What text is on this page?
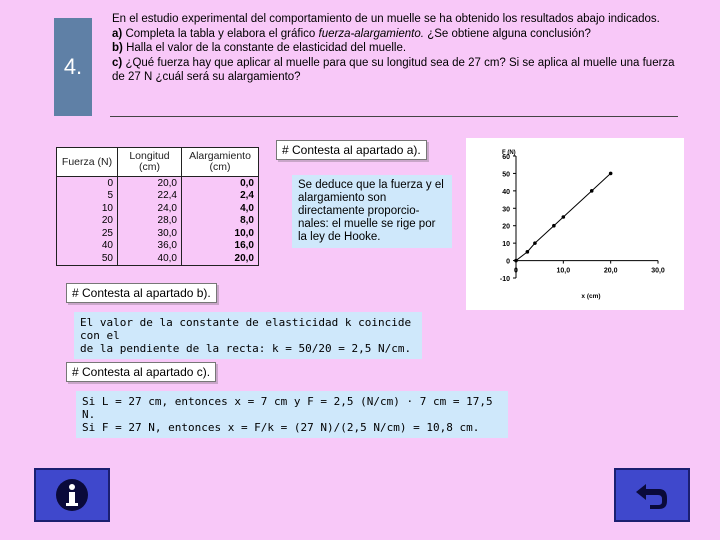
4.
En el estudio experimental del comportamiento de un muelle se ha obtenido los resultados abajo indicados.
a) Completa la tabla y elabora el gráfico fuerza-alargamiento. ¿Se obtiene alguna conclusión?
b) Halla el valor de la constante de elasticidad del muelle.
c) ¿Qué fuerza hay que aplicar al muelle para que su longitud sea de 27 cm? Si se aplica al muelle una fuerza de 27 N ¿cuál será su alargamiento?
Fuerza (N)	Longitud (cm)	Alargamiento (cm)
0	20,0	0,0
5	22,4	2,4
10	24,0	4,0
20	28,0	8,0
25	30,0	10,0
40	36,0	16,0
50	40,0	20,0
# Contesta al apartado a).
Se deduce que la fuerza y el alargamiento son directamente proporcio-nales: el muelle se rige por la ley de Hooke.
-10
0
10
20
30
40
50
60
0	10,0	20,0	30,0
F (N)
x (cm)
# Contesta al apartado b).
El valor de la constante de elasticidad k coincide con el
de la pendiente de la recta: k = 50/20 = 2,5 N/cm.
# Contesta al apartado c).
Si L = 27 cm, entonces x = 7 cm y F = 2,5 (N/cm) · 7 cm = 17,5 N.
Si F = 27 N, entonces x = F/k = (27 N)/(2,5 N/cm) = 10,8 cm.
